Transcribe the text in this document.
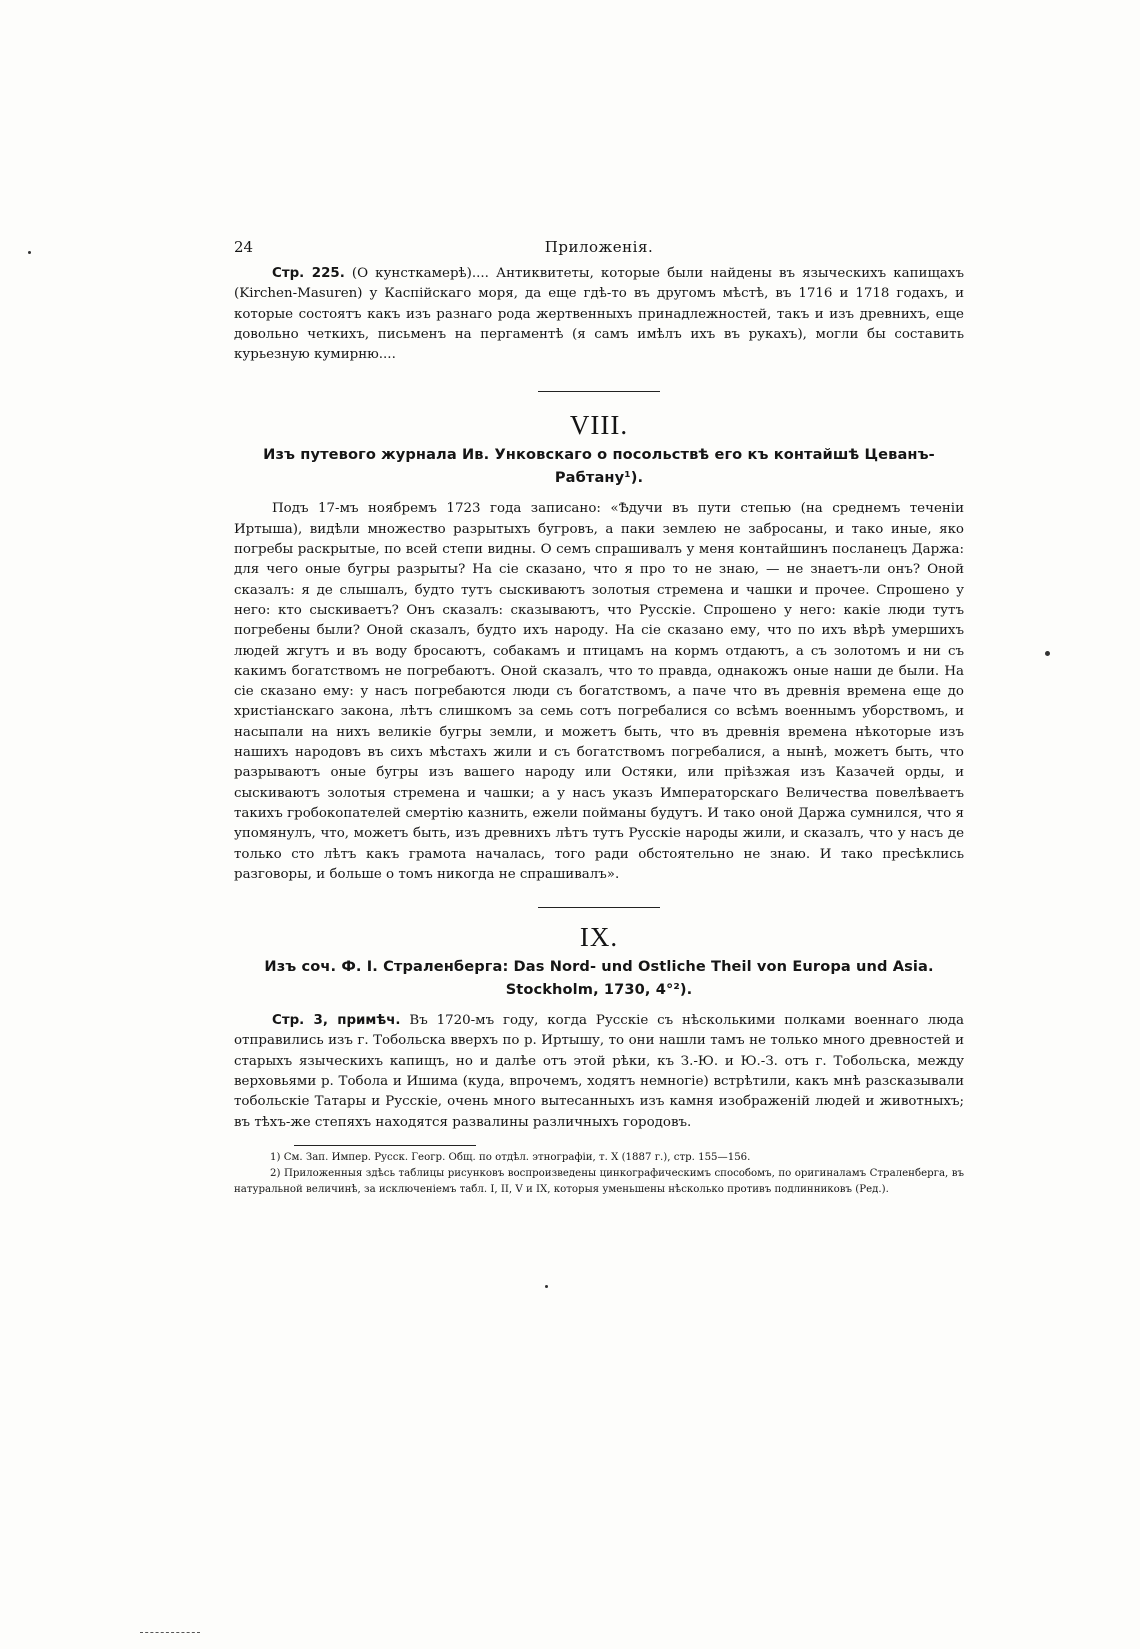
24	Приложенія.

Стр. 225. (О кунсткамерѣ).... Антиквитеты, которые были найдены въ языческихъ капищахъ (Kirchen-Masuren) у Каспійскаго моря, да еще гдѣ-то въ другомъ мѣстѣ, въ 1716 и 1718 годахъ, и которые состоятъ какъ изъ разнаго рода жертвенныхъ принадлежностей, такъ и изъ древнихъ, еще довольно четкихъ, письменъ на пергаментѣ (я самъ имѣлъ ихъ въ рукахъ), могли бы составить курьезную кумирню....

VIII.
Изъ путевого журнала Ив. Унковскаго о посольствѣ его къ контайшѣ Цеванъ-Рабтану¹).

Подъ 17-мъ ноябремъ 1723 года записано: «Ѣдучи въ пути степью (на среднемъ теченіи Иртыша), видѣли множество разрытыхъ бугровъ, а паки землею не забросаны, и тако иные, яко погребы раскрытые, по всей степи видны. О семъ спрашивалъ у меня контайшинъ посланецъ Даржа: для чего оные бугры разрыты? На сіе сказано, что я про то не знаю, — не знаетъ-ли онъ? Оной сказалъ: я де слышалъ, будто тутъ сыскиваютъ золотыя стремена и чашки и прочее. Спрошено у него: кто сыскиваетъ? Онъ сказалъ: сказываютъ, что Русскіе. Спрошено у него: какіе люди тутъ погребены были? Оной сказалъ, будто ихъ народу. На сіе сказано ему, что по ихъ вѣрѣ умершихъ людей жгутъ и въ воду бросаютъ, собакамъ и птицамъ на кормъ отдаютъ, а съ золотомъ и ни съ какимъ богатствомъ не погребаютъ. Оной сказалъ, что то правда, однакожъ оные наши де были. На сіе сказано ему: у насъ погребаются люди съ богатствомъ, а паче что въ древнія времена еще до христіанскаго закона, лѣтъ слишкомъ за семь сотъ погребалися со всѣмъ военнымъ уборствомъ, и насыпали на нихъ великіе бугры земли, и можетъ быть, что въ древнія времена нѣкоторые изъ нашихъ народовъ въ сихъ мѣстахъ жили и съ богатствомъ погребалися, а нынѣ, можетъ быть, что разрываютъ оные бугры изъ вашего народу или Остяки, или пріѣзжая изъ Казачей орды, и сыскиваютъ золотыя стремена и чашки; а у насъ указъ Императорскаго Величества повелѣваетъ такихъ гробокопателей смертію казнить, ежели пойманы будутъ. И тако оной Даржа сумнился, что я упомянулъ, что, можетъ быть, изъ древнихъ лѣтъ тутъ Русскіе народы жили, и сказалъ, что у насъ де только сто лѣтъ какъ грамота началась, того ради обстоятельно не знаю. И тако пресѣклись разговоры, и больше о томъ никогда не спрашивалъ».

IX.
Изъ соч. Ф. І. Страленберга: Das Nord- und Ostliche Theil von Europa und Asia.
Stockholm, 1730, 4°²).

Стр. 3, примѣч. Въ 1720-мъ году, когда Русскіе съ нѣсколькими полками военнаго люда отправились изъ г. Тобольска вверхъ по р. Иртышу, то они нашли тамъ не только много древностей и старыхъ языческихъ капищъ, но и далѣе отъ этой рѣки, къ З.-Ю. и Ю.-З. отъ г. Тобольска, между верховьями р. Тобола и Ишима (куда, впрочемъ, ходятъ немногіе) встрѣтили, какъ мнѣ разсказывали тобольскіе Татары и Русскіе, очень много вытесанныхъ изъ камня изображеній людей и животныхъ; въ тѣхъ-же степяхъ находятся развалины различныхъ городовъ.

1) См. Зап. Импер. Русск. Геогр. Общ. по отдѣл. этнографіи, т. X (1887 г.), стр. 155—156.

2) Приложенныя здѣсь таблицы рисунковъ воспроизведены цинкографическимъ способомъ, по оригиналамъ Страленберга, въ натуральной величинѣ, за исключеніемъ табл. I, II, V и IX, которыя уменьшены нѣсколько противъ подлинниковъ (Ред.).
